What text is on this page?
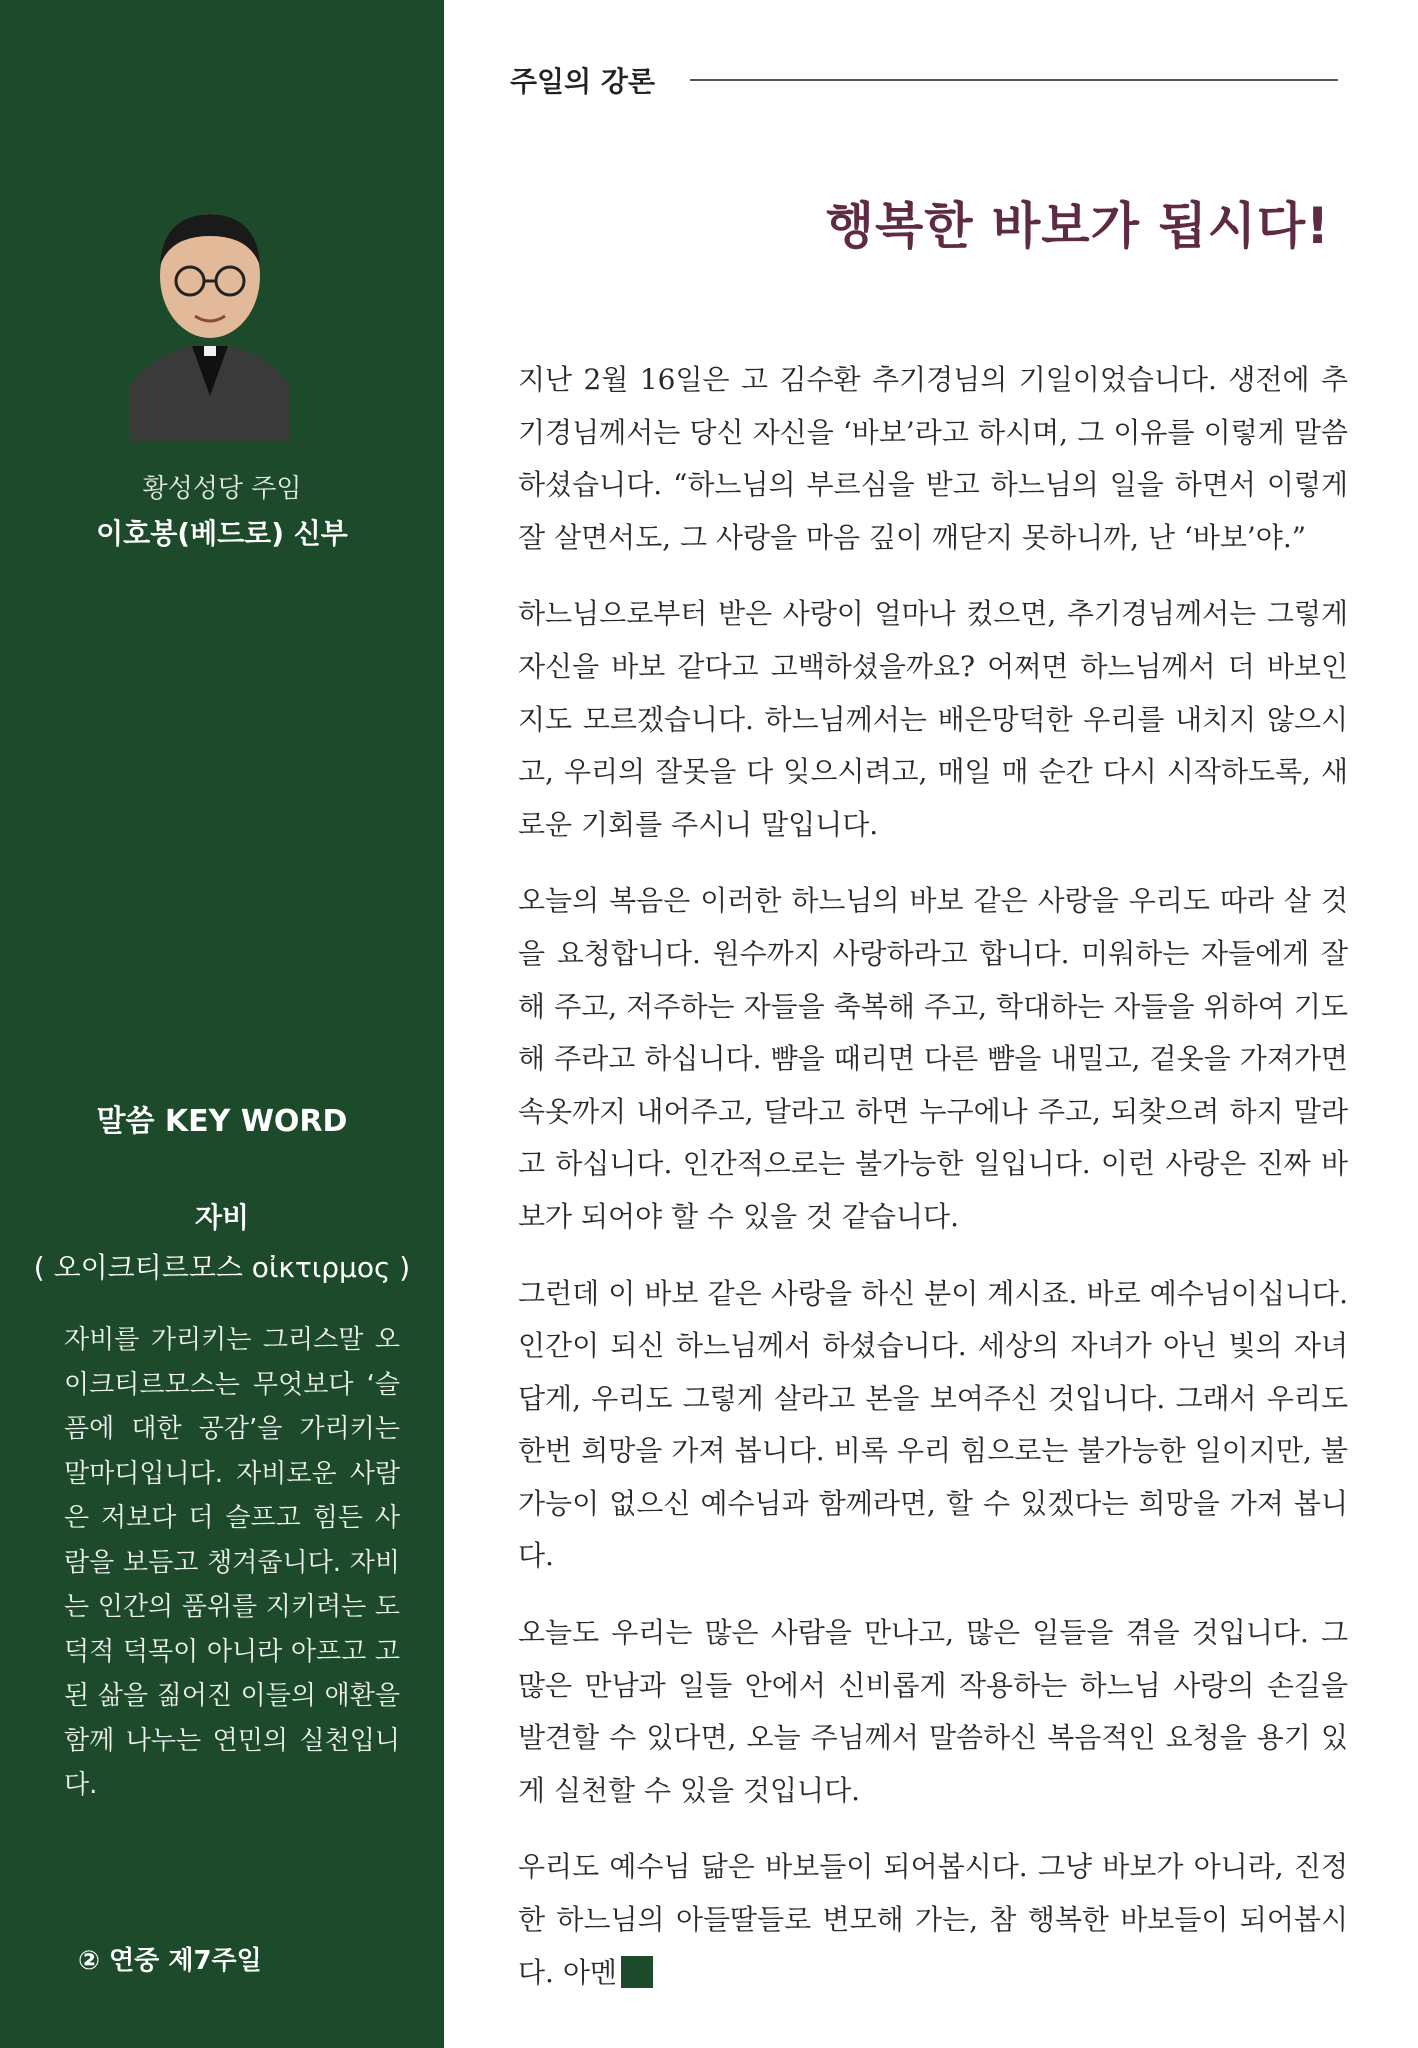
황성성당 주임
이호봉(베드로) 신부
말씀 KEY WORD
자비
( 오이크티르모스 οἰκτιρμος )
자비를 가리키는 그리스말 오이크티르모스는 무엇보다 ‘슬픔에 대한 공감’을 가리키는 말마디입니다. 자비로운 사람은 저보다 더 슬프고 힘든 사람을 보듬고 챙겨줍니다. 자비는 인간의 품위를 지키려는 도덕적 덕목이 아니라 아프고 고된 삶을 짊어진 이들의 애환을 함께 나누는 연민의 실천입니다.
② 연중 제7주일
주일의 강론
행복한 바보가 됩시다!

지난 2월 16일은 고 김수환 추기경님의 기일이었습니다. 생전에 추기경님께서는 당신 자신을 ‘바보’라고 하시며, 그 이유를 이렇게 말씀하셨습니다. “하느님의 부르심을 받고 하느님의 일을 하면서 이렇게 잘 살면서도, 그 사랑을 마음 깊이 깨닫지 못하니까, 난 ‘바보’야.”

하느님으로부터 받은 사랑이 얼마나 컸으면, 추기경님께서는 그렇게 자신을 바보 같다고 고백하셨을까요? 어쩌면 하느님께서 더 바보인지도 모르겠습니다. 하느님께서는 배은망덕한 우리를 내치지 않으시고, 우리의 잘못을 다 잊으시려고, 매일 매 순간 다시 시작하도록, 새로운 기회를 주시니 말입니다.

오늘의 복음은 이러한 하느님의 바보 같은 사랑을 우리도 따라 살 것을 요청합니다. 원수까지 사랑하라고 합니다. 미워하는 자들에게 잘해 주고, 저주하는 자들을 축복해 주고, 학대하는 자들을 위하여 기도해 주라고 하십니다. 뺨을 때리면 다른 뺨을 내밀고, 겉옷을 가져가면 속옷까지 내어주고, 달라고 하면 누구에나 주고, 되찾으려 하지 말라고 하십니다. 인간적으로는 불가능한 일입니다. 이런 사랑은 진짜 바보가 되어야 할 수 있을 것 같습니다.

그런데 이 바보 같은 사랑을 하신 분이 계시죠. 바로 예수님이십니다. 인간이 되신 하느님께서 하셨습니다. 세상의 자녀가 아닌 빛의 자녀답게, 우리도 그렇게 살라고 본을 보여주신 것입니다. 그래서 우리도 한번 희망을 가져 봅니다. 비록 우리 힘으로는 불가능한 일이지만, 불가능이 없으신 예수님과 함께라면, 할 수 있겠다는 희망을 가져 봅니다.

오늘도 우리는 많은 사람을 만나고, 많은 일들을 겪을 것입니다. 그 많은 만남과 일들 안에서 신비롭게 작용하는 하느님 사랑의 손길을 발견할 수 있다면, 오늘 주님께서 말씀하신 복음적인 요청을 용기 있게 실천할 수 있을 것입니다.

우리도 예수님 닮은 바보들이 되어봅시다. 그냥 바보가 아니라, 진정한 하느님의 아들딸들로 변모해 가는, 참 행복한 바보들이 되어봅시다. 아멘
